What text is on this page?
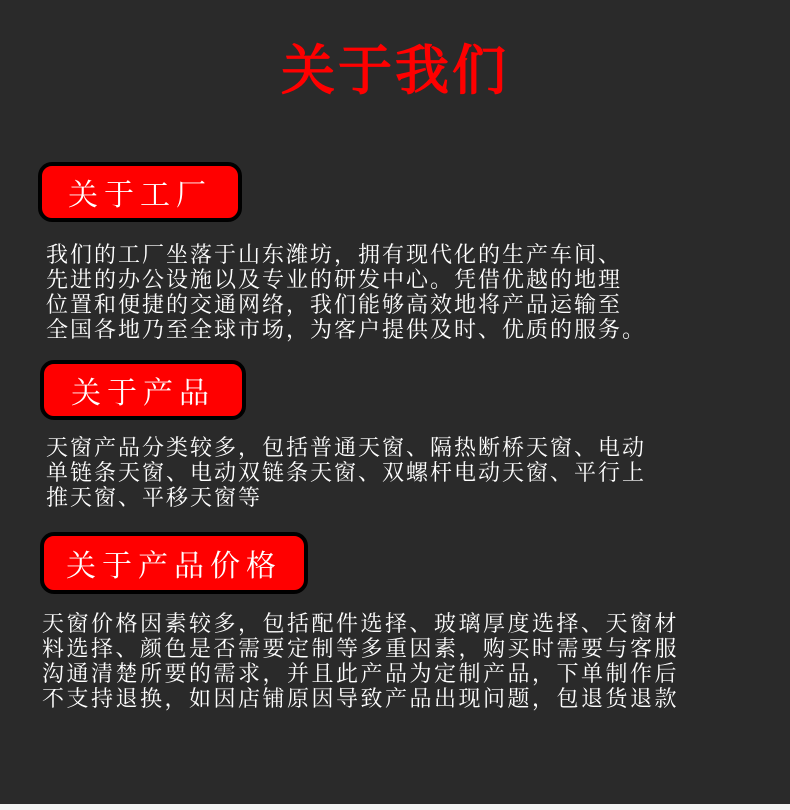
关于我们
关于工厂
我们的工厂坐落于山东潍坊，拥有现代化的生产车间、
先进的办公设施以及专业的研发中心。凭借优越的地理
位置和便捷的交通网络，我们能够高效地将产品运输至
全国各地乃至全球市场，为客户提供及时、优质的服务。
关于产品
天窗产品分类较多，包括普通天窗、隔热断桥天窗、电动
单链条天窗、电动双链条天窗、双螺杆电动天窗、平行上
推天窗、平移天窗等
关于产品价格
天窗价格因素较多，包括配件选择、玻璃厚度选择、天窗材
料选择、颜色是否需要定制等多重因素，购买时需要与客服
沟通清楚所要的需求，并且此产品为定制产品，下单制作后
不支持退换，如因店铺原因导致产品出现问题，包退货退款
